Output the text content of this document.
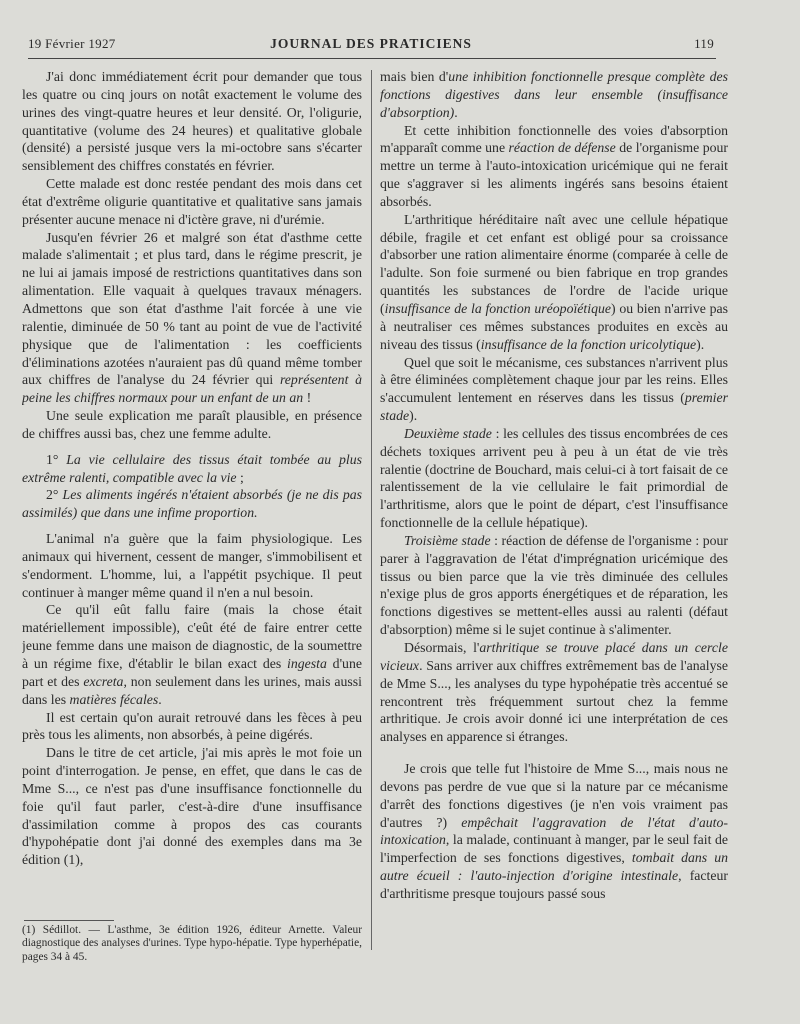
19 Février 1927	JOURNAL DES PRATICIENS	119

J'ai donc immédiatement écrit pour demander que tous les quatre ou cinq jours on notât exactement le volume des urines des vingt-quatre heures et leur densité. Or, l'oligurie, quantitative (volume des 24 heures) et qualitative globale (densité) a persisté jusque vers la mi-octobre sans s'écarter sensiblement des chiffres constatés en février.

Cette malade est donc restée pendant des mois dans cet état d'extrême oligurie quantitative et qualitative sans jamais présenter aucune menace ni d'ictère grave, ni d'urémie.

Jusqu'en février 26 et malgré son état d'asthme cette malade s'alimentait ; et plus tard, dans le régime prescrit, je ne lui ai jamais imposé de restrictions quantitatives dans son alimentation. Elle vaquait à quelques travaux ménagers. Admettons que son état d'asthme l'ait forcée à une vie ralentie, diminuée de 50 % tant au point de vue de l'activité physique que de l'alimentation : les coefficients d'éliminations azotées n'auraient pas dû quand même tomber aux chiffres de l'analyse du 24 février qui représentent à peine les chiffres normaux pour un enfant de un an !

Une seule explication me paraît plausible, en présence de chiffres aussi bas, chez une femme adulte.

1° La vie cellulaire des tissus était tombée au plus extrême ralenti, compatible avec la vie ;

2° Les aliments ingérés n'étaient absorbés (je ne dis pas assimilés) que dans une infime proportion.

L'animal n'a guère que la faim physiologique. Les animaux qui hivernent, cessent de manger, s'immobilisent et s'endorment. L'homme, lui, a l'appétit psychique. Il peut continuer à manger même quand il n'en a nul besoin.

Ce qu'il eût fallu faire (mais la chose était matériellement impossible), c'eût été de faire entrer cette jeune femme dans une maison de diagnostic, de la soumettre à un régime fixe, d'établir le bilan exact des ingesta d'une part et des excreta, non seulement dans les urines, mais aussi dans les matières fécales.

Il est certain qu'on aurait retrouvé dans les fèces à peu près tous les aliments, non absorbés, à peine digérés.

Dans le titre de cet article, j'ai mis après le mot foie un point d'interrogation. Je pense, en effet, que dans le cas de Mme S..., ce n'est pas d'une insuffisance fonctionnelle du foie qu'il faut parler, c'est-à-dire d'une insuffisance d'assimilation comme à propos des cas courants d'hypohépatie dont j'ai donné des exemples dans ma 3e édition (1),

mais bien d'une inhibition fonctionnelle presque complète des fonctions digestives dans leur ensemble (insuffisance d'absorption).

Et cette inhibition fonctionnelle des voies d'absorption m'apparaît comme une réaction de défense de l'organisme pour mettre un terme à l'auto-intoxication uricémique qui ne ferait que s'aggraver si les aliments ingérés sans besoins étaient absorbés.

L'arthritique héréditaire naît avec une cellule hépatique débile, fragile et cet enfant est obligé pour sa croissance d'absorber une ration alimentaire énorme (comparée à celle de l'adulte. Son foie surmené ou bien fabrique en trop grandes quantités les substances de l'ordre de l'acide urique (insuffisance de la fonction uréopoïétique) ou bien n'arrive pas à neutraliser ces mêmes substances produites en excès au niveau des tissus (insuffisance de la fonction uricolytique).

Quel que soit le mécanisme, ces substances n'arrivent plus à être éliminées complètement chaque jour par les reins. Elles s'accumulent lentement en réserves dans les tissus (premier stade).

Deuxième stade : les cellules des tissus encombrées de ces déchets toxiques arrivent peu à peu à un état de vie très ralentie (doctrine de Bouchard, mais celui-ci à tort faisait de ce ralentissement de la vie cellulaire le fait primordial de l'arthritisme, alors que le point de départ, c'est l'insuffisance fonctionnelle de la cellule hépatique).

Troisième stade : réaction de défense de l'organisme : pour parer à l'aggravation de l'état d'imprégnation uricémique des tissus ou bien parce que la vie très diminuée des cellules n'exige plus de gros apports énergétiques et de réparation, les fonctions digestives se mettent-elles aussi au ralenti (défaut d'absorption) même si le sujet continue à s'alimenter.

Désormais, l'arthritique se trouve placé dans un cercle vicieux. Sans arriver aux chiffres extrêmement bas de l'analyse de Mme S..., les analyses du type hypohépatie très accentué se rencontrent très fréquemment surtout chez la femme arthritique. Je crois avoir donné ici une interprétation de ces analyses en apparence si étranges.

Je crois que telle fut l'histoire de Mme S..., mais nous ne devons pas perdre de vue que si la nature par ce mécanisme d'arrêt des fonctions digestives (je n'en vois vraiment pas d'autres ?) empêchait l'aggravation de l'état d'auto-intoxication, la malade, continuant à manger, par le seul fait de l'imperfection de ses fonctions digestives, tombait dans un autre écueil : l'auto-injection d'origine intestinale, facteur d'arthritisme presque toujours passé sous

(1) Sédillot. — L'asthme, 3e édition 1926, éditeur Arnette. Valeur diagnostique des analyses d'urines. Type hypo-hépatie. Type hyperhépatie, pages 34 à 45.
